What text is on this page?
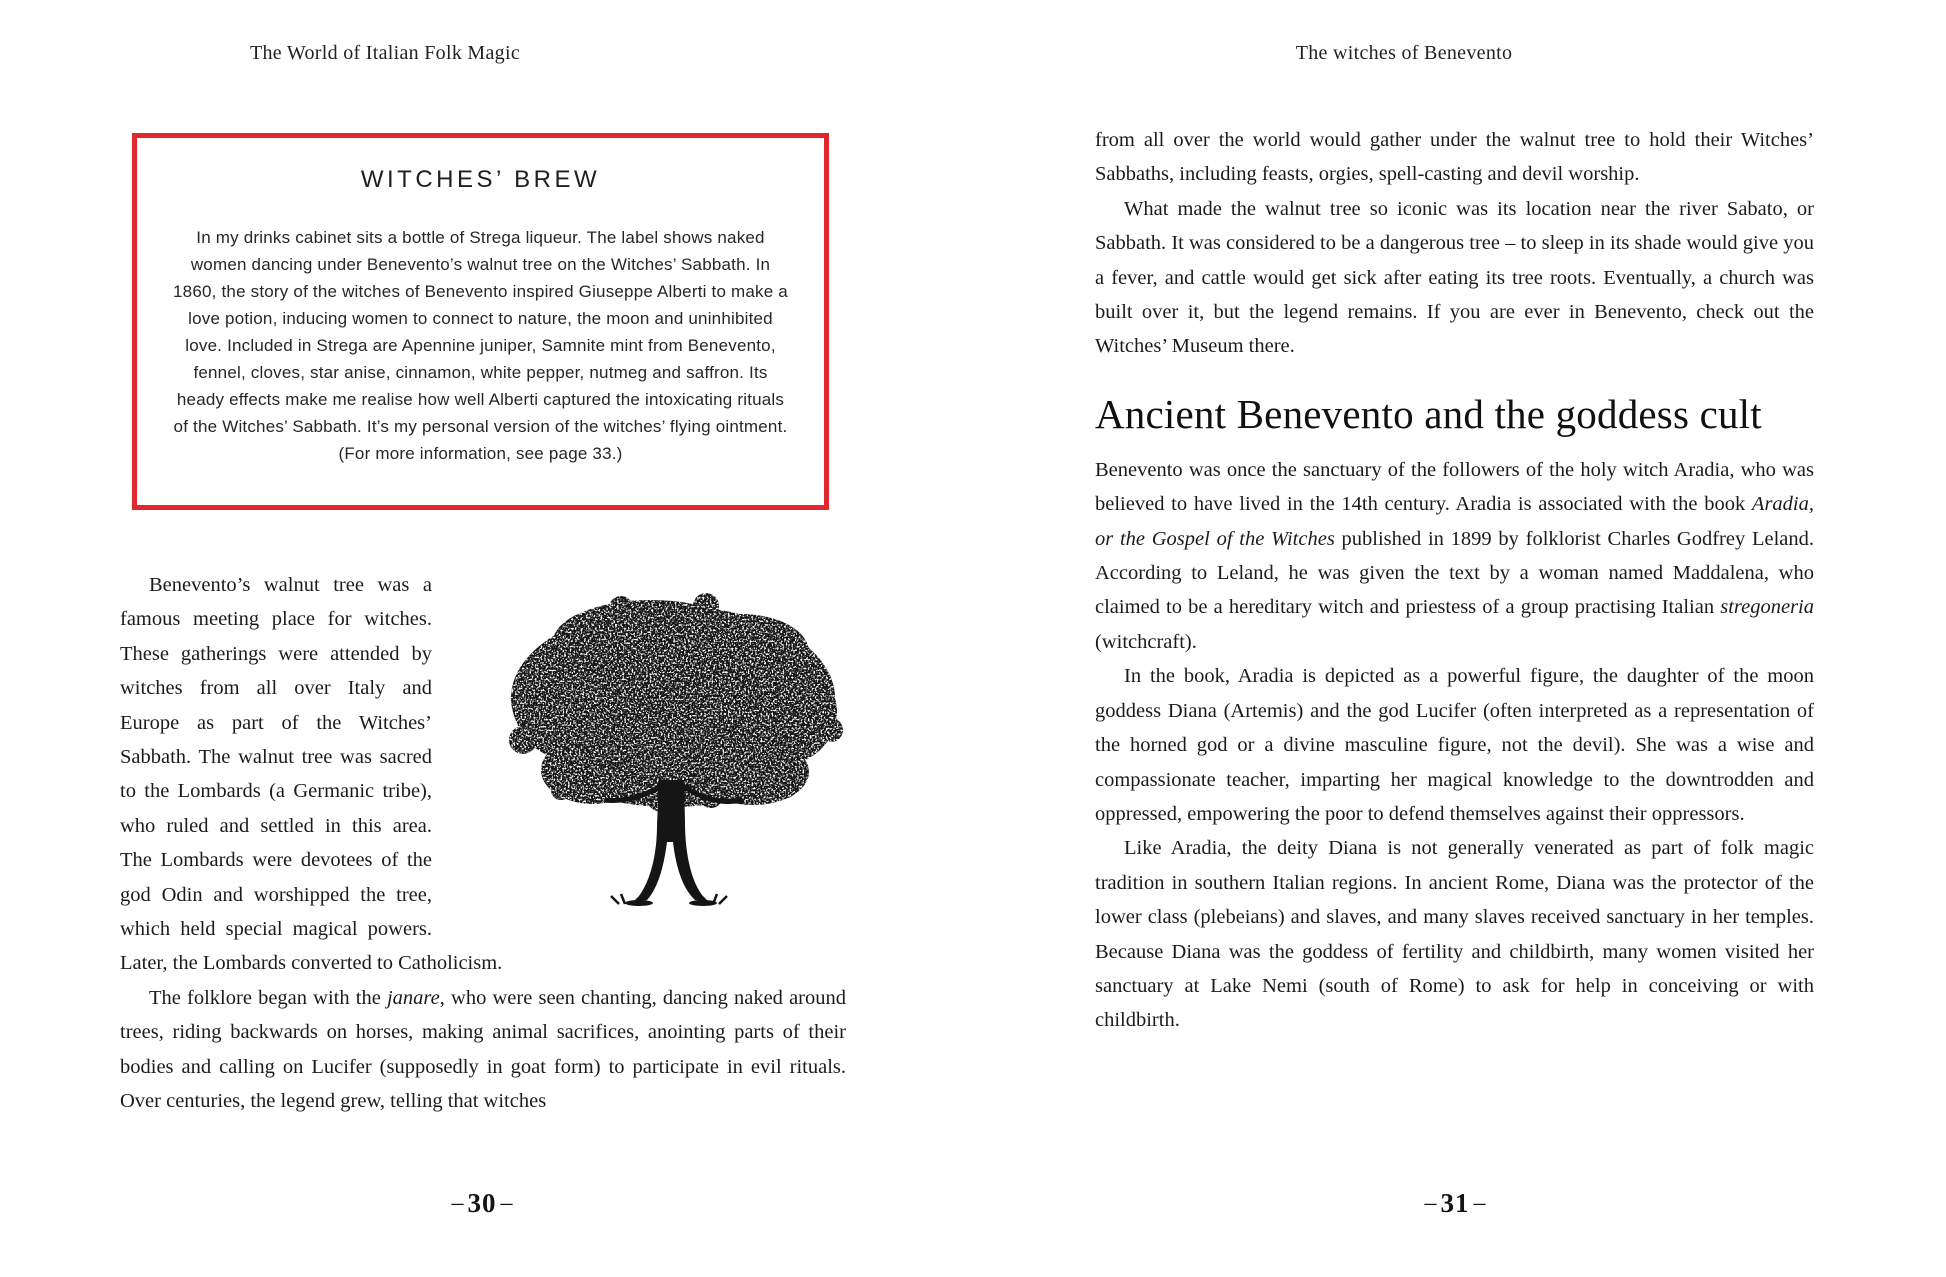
The World of Italian Folk Magic
WITCHES’ BREW
In my drinks cabinet sits a bottle of Strega liqueur. The label shows naked women dancing under Benevento’s walnut tree on the Witches’ Sabbath. In 1860, the story of the witches of Benevento inspired Giuseppe Alberti to make a love potion, inducing women to connect to nature, the moon and uninhibited love. Included in Strega are Apennine juniper, Samnite mint from Benevento, fennel, cloves, star anise, cinnamon, white pepper, nutmeg and saffron. Its heady effects make me realise how well Alberti captured the intoxicating rituals of the Witches’ Sabbath. It’s my personal version of the witches’ flying ointment. (For more information, see page 33.)

Benevento’s walnut tree was a famous meeting place for witches. These gatherings were attended by witches from all over Italy and Europe as part of the Witches’ Sabbath. The walnut tree was sacred to the Lombards (a Germanic tribe), who ruled and settled in this area. The Lombards were devotees of the god Odin and worshipped the tree, which held special magical powers. Later, the Lombards converted to Catholicism.

The folklore began with the janare, who were seen chanting, dancing naked around trees, riding backwards on horses, making animal sacrifices, anointing parts of their bodies and calling on Lucifer (supposedly in goat form) to participate in evil rituals. Over centuries, the legend grew, telling that witches

– 30 –
The witches of Benevento

from all over the world would gather under the walnut tree to hold their Witches’ Sabbaths, including feasts, orgies, spell-casting and devil worship.

What made the walnut tree so iconic was its location near the river Sabato, or Sabbath. It was considered to be a dangerous tree – to sleep in its shade would give you a fever, and cattle would get sick after eating its tree roots. Eventually, a church was built over it, but the legend remains. If you are ever in Benevento, check out the Witches’ Museum there.

Ancient Benevento and the goddess cult

Benevento was once the sanctuary of the followers of the holy witch Aradia, who was believed to have lived in the 14th century. Aradia is associated with the book Aradia, or the Gospel of the Witches published in 1899 by folklorist Charles Godfrey Leland. According to Leland, he was given the text by a woman named Maddalena, who claimed to be a hereditary witch and priestess of a group practising Italian stregoneria (witchcraft).

In the book, Aradia is depicted as a powerful figure, the daughter of the moon goddess Diana (Artemis) and the god Lucifer (often interpreted as a representation of the horned god or a divine masculine figure, not the devil). She was a wise and compassionate teacher, imparting her magical knowledge to the downtrodden and oppressed, empowering the poor to defend themselves against their oppressors.

Like Aradia, the deity Diana is not generally venerated as part of folk magic tradition in southern Italian regions. In ancient Rome, Diana was the protector of the lower class (plebeians) and slaves, and many slaves received sanctuary in her temples. Because Diana was the goddess of fertility and childbirth, many women visited her sanctuary at Lake Nemi (south of Rome) to ask for help in conceiving or with childbirth.

– 31 –
